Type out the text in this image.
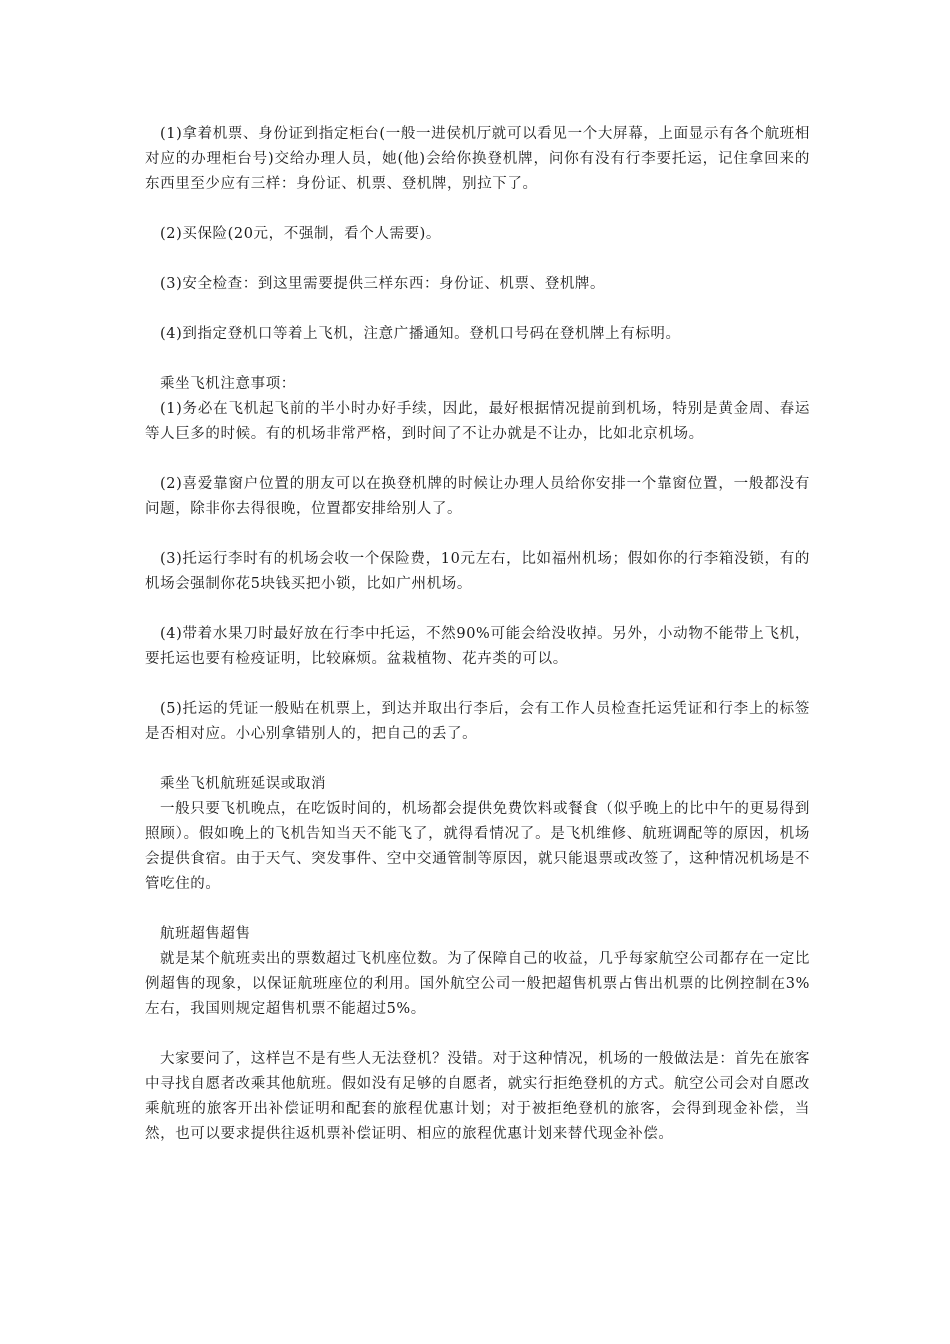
(1)拿着机票、身份证到指定柜台(一般一进侯机厅就可以看见一个大屏幕，上面显示有各个航班相对应的办理柜台号)交给办理人员，她(他)会给你换登机牌，问你有没有行李要托运，记住拿回来的东西里至少应有三样：身份证、机票、登机牌，别拉下了。

(2)买保险(20元，不强制，看个人需要)。

(3)安全检查：到这里需要提供三样东西：身份证、机票、登机牌。

(4)到指定登机口等着上飞机，注意广播通知。登机口号码在登机牌上有标明。

乘坐飞机注意事项：

(1)务必在飞机起飞前的半小时办好手续，因此，最好根据情况提前到机场，特别是黄金周、春运等人巨多的时候。有的机场非常严格，到时间了不让办就是不让办，比如北京机场。

(2)喜爱靠窗户位置的朋友可以在换登机牌的时候让办理人员给你安排一个靠窗位置，一般都没有问题，除非你去得很晚，位置都安排给别人了。

(3)托运行李时有的机场会收一个保险费，10元左右，比如福州机场；假如你的行李箱没锁，有的机场会强制你花5块钱买把小锁，比如广州机场。

(4)带着水果刀时最好放在行李中托运，不然90%可能会给没收掉。另外，小动物不能带上飞机，要托运也要有检疫证明，比较麻烦。盆栽植物、花卉类的可以。

(5)托运的凭证一般贴在机票上，到达并取出行李后，会有工作人员检查托运凭证和行李上的标签是否相对应。小心别拿错别人的，把自己的丢了。

乘坐飞机航班延误或取消

一般只要飞机晚点，在吃饭时间的，机场都会提供免费饮料或餐食（似乎晚上的比中午的更易得到照顾）。假如晚上的飞机告知当天不能飞了，就得看情况了。是飞机维修、航班调配等的原因，机场会提供食宿。由于天气、突发事件、空中交通管制等原因，就只能退票或改签了，这种情况机场是不管吃住的。

航班超售超售

就是某个航班卖出的票数超过飞机座位数。为了保障自己的收益，几乎每家航空公司都存在一定比例超售的现象，以保证航班座位的利用。国外航空公司一般把超售机票占售出机票的比例控制在3%左右，我国则规定超售机票不能超过5%。

大家要问了，这样岂不是有些人无法登机？没错。对于这种情况，机场的一般做法是：首先在旅客中寻找自愿者改乘其他航班。假如没有足够的自愿者，就实行拒绝登机的方式。航空公司会对自愿改乘航班的旅客开出补偿证明和配套的旅程优惠计划；对于被拒绝登机的旅客，会得到现金补偿，当然，也可以要求提供往返机票补偿证明、相应的旅程优惠计划来替代现金补偿。
